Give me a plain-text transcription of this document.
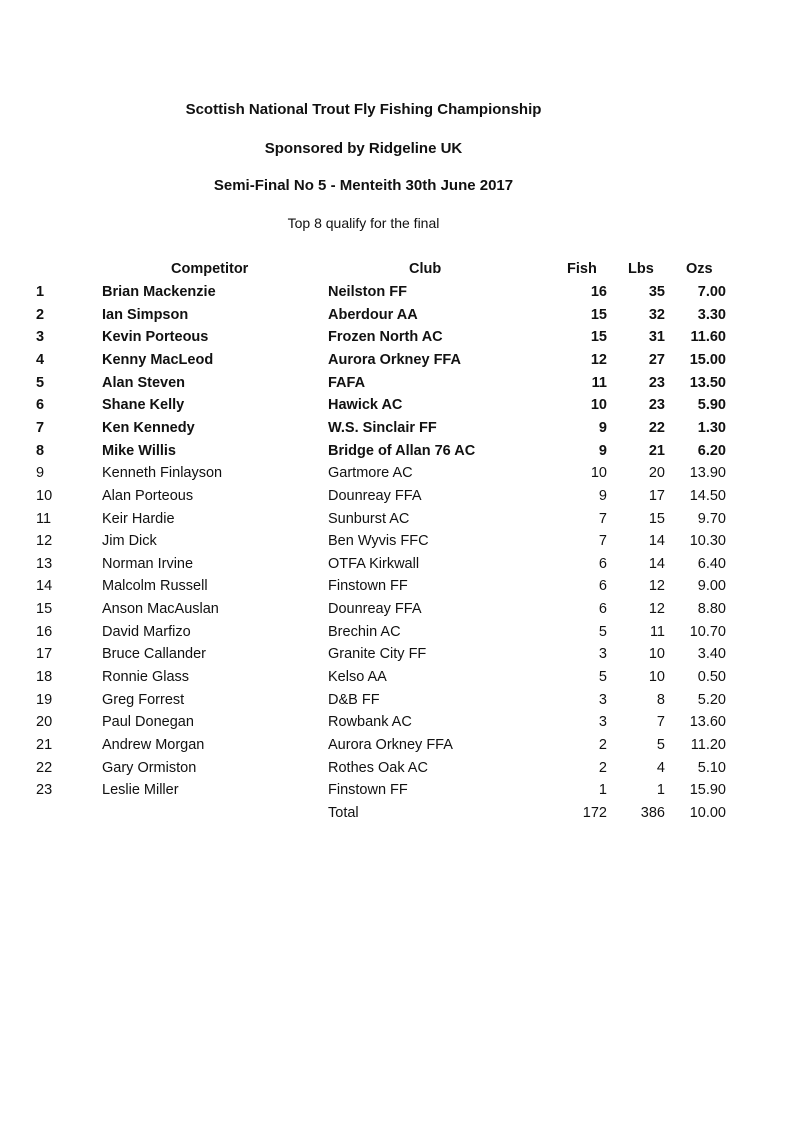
Scottish National Trout Fly Fishing Championship
Sponsored by Ridgeline UK
Semi-Final No 5 - Menteith 30th June 2017
Top 8 qualify for the final
Competitor	Club	Fish Lbs Ozs
1	Brian Mackenzie	Neilston FF	16	35 7.00
2	Ian Simpson	Aberdour AA	15	32 3.30
3	Kevin Porteous	Frozen North AC	15	31 11.60
4	Kenny MacLeod	Aurora Orkney FFA	12	27 15.00
5	Alan Steven	FAFA	11	23 13.50
6	Shane Kelly	Hawick AC	10	23 5.90
7	Ken Kennedy	W.S. Sinclair FF	9	22 1.30
8	Mike Willis	Bridge of Allan 76 AC	9	21 6.20
9	Kenneth Finlayson	Gartmore AC	10	20 13.90
10	Alan Porteous	Dounreay FFA	9	17 14.50
11	Keir Hardie	Sunburst AC	7	15 9.70
12	Jim Dick	Ben Wyvis FFC	7	14 10.30
13	Norman Irvine	OTFA Kirkwall	6	14 6.40
14	Malcolm Russell	Finstown FF	6	12 9.00
15	Anson MacAuslan	Dounreay FFA	6	12 8.80
16	David Marfizo	Brechin AC	5	11 10.70
17	Bruce Callander	Granite City FF	3	10 3.40
18	Ronnie Glass	Kelso AA	5	10 0.50
19	Greg Forrest	D&B FF	3	8 5.20
20	Paul Donegan	Rowbank AC	3	7 13.60
21	Andrew Morgan	Aurora Orkney FFA	2	5 11.20
22	Gary Ormiston	Rothes Oak AC	2	4 5.10
23	Leslie Miller	Finstown FF	1	1 15.90
Total	172 386 10.00
